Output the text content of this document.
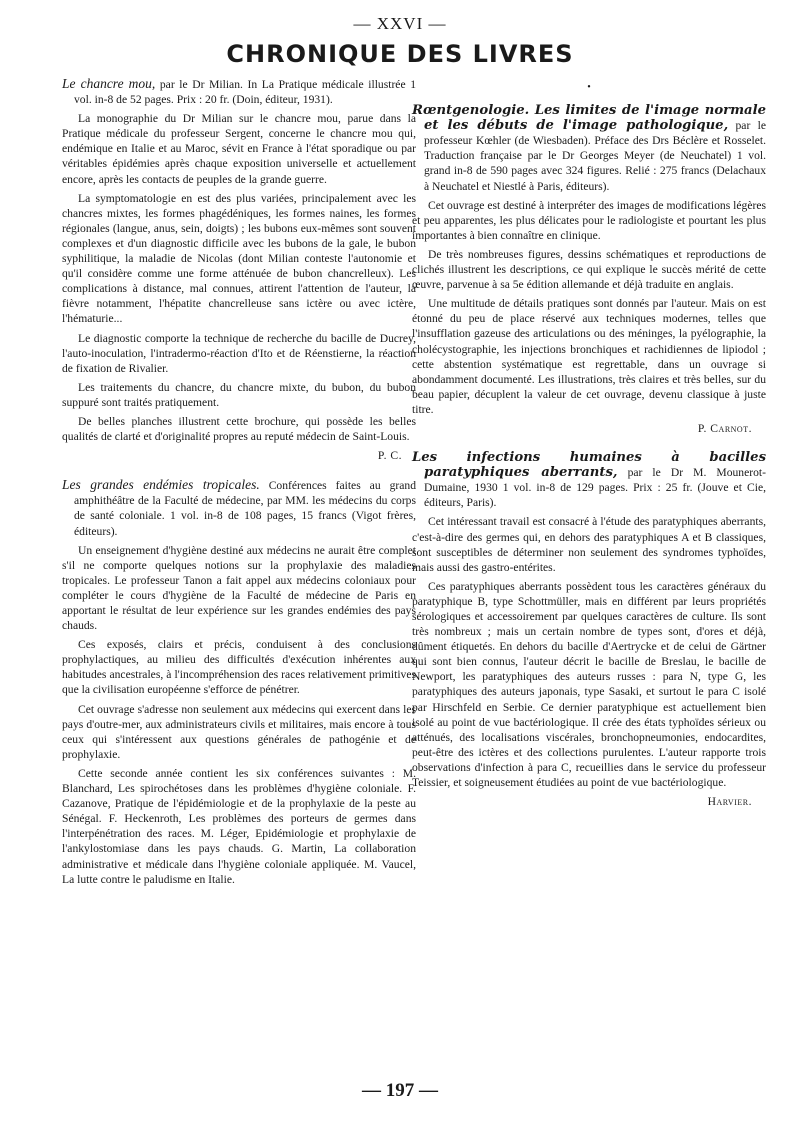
— XXVI —
CHRONIQUE DES LIVRES

Le chancre mou, par le Dr Milian. In La Pratique médicale illustrée 1 vol. in-8 de 52 pages. Prix : 20 fr. (Doin, éditeur, 1931).

La monographie du Dr Milian sur le chancre mou, parue dans la Pratique médicale du professeur Sergent, concerne le chancre mou qui, endémique en Italie et au Maroc, sévit en France à l'état sporadique ou par véritables épidémies après chaque exposition universelle et actuellement encore, après les contacts de peuples de la grande guerre.

La symptomatologie en est des plus variées, principalement avec les chancres mixtes, les formes phagédéniques, les formes naines, les formes régionales (langue, anus, sein, doigts) ; les bubons eux-mêmes sont souvent complexes et d'un diagnostic difficile avec les bubons de la gale, le bubon syphilitique, la maladie de Nicolas (dont Milian conteste l'autonomie et qu'il considère comme une forme atténuée de bubon chancrelleux). Les complications à distance, mal connues, attirent l'attention de l'auteur, la fièvre notamment, l'hépatite chancrelleuse sans ictère ou avec ictère, l'hématurie...

Le diagnostic comporte la technique de recherche du bacille de Ducrey, l'auto-inoculation, l'intradermo-réaction d'Ito et de Réenstierne, la réaction de fixation de Rivalier.

Les traitements du chancre, du chancre mixte, du bubon, du bubon suppuré sont traités pratiquement.

De belles planches illustrent cette brochure, qui possède les belles qualités de clarté et d'originalité propres au reputé médecin de Saint-Louis.

P. C.

Les grandes endémies tropicales. Conférences faites au grand amphithéâtre de la Faculté de médecine, par MM. les médecins du corps de santé coloniale. 1 vol. in-8 de 108 pages, 15 francs (Vigot frères, éditeurs).

Un enseignement d'hygiène destiné aux médecins ne aurait être complet s'il ne comporte quelques notions sur la prophylaxie des maladies tropicales. Le professeur Tanon a fait appel aux médecins coloniaux pour compléter le cours d'hygiène de la Faculté de médecine de Paris en apportant le résultat de leur expérience sur les grandes endémies des pays chauds.

Ces exposés, clairs et précis, conduisent à des conclusions prophylactiques, au milieu des difficultés d'exécution inhérentes aux habitudes ancestrales, à l'incompréhension des races relativement primitives que la civilisation européenne s'efforce de pénétrer.

Cet ouvrage s'adresse non seulement aux médecins qui exercent dans les pays d'outre-mer, aux administrateurs civils et militaires, mais encore à tous ceux qui s'intéressent aux questions générales de pathogénie et de prophylaxie.

Cette seconde année contient les six conférences suivantes : M. Blanchard, Les spirochétoses dans les problèmes d'hygiène coloniale. F. Cazanove, Pratique de l'épidémiologie et de la prophylaxie de la peste au Sénégal. F. Heckenroth, Les problèmes des porteurs de germes dans l'interpénétration des races. M. Léger, Epidémiologie et prophylaxie de l'ankylostomiase dans les pays chauds. G. Martin, La collaboration administrative et médicale dans l'hygiène coloniale appliquée. M. Vaucel, La lutte contre le paludisme en Italie.

•

Rœntgenologie. Les limites de l'image normale et les débuts de l'image pathologique, par le professeur Kœhler (de Wiesbaden). Préface des Drs Béclère et Rosselet. Traduction française par le Dr Georges Meyer (de Neuchatel) 1 vol. grand in-8 de 590 pages avec 324 figures. Relié : 275 francs (Delachaux à Neuchatel et Niestlé à Paris, éditeurs).

Cet ouvrage est destiné à interpréter des images de modifications légères et peu apparentes, les plus délicates pour le radiologiste et pourtant les plus importantes à bien connaître en clinique.

De très nombreuses figures, dessins schématiques et reproductions de clichés illustrent les descriptions, ce qui explique le succès mérité de cette œuvre, parvenue à sa 5e édition allemande et déjà traduite en anglais.

Une multitude de détails pratiques sont donnés par l'auteur. Mais on est étonné du peu de place réservé aux techniques modernes, telles que l'insufflation gazeuse des articulations ou des méninges, la pyélographie, la cholécystographie, les injections bronchiques et rachidiennes de lipiodol ; cette abstention systématique est regrettable, dans un ouvrage si abondamment documenté. Les illustrations, très claires et très belles, sur du beau papier, décuplent la valeur de cet ouvrage, devenu classique à juste titre.

P. Carnot.

Les infections humaines à bacilles paratyphiques aberrants, par le Dr M. Mounerot-Dumaine, 1930 1 vol. in-8 de 129 pages. Prix : 25 fr. (Jouve et Cie, éditeurs, Paris).

Cet intéressant travail est consacré à l'étude des paratyphiques aberrants, c'est-à-dire des germes qui, en dehors des paratyphiques A et B classiques, sont susceptibles de déterminer non seulement des syndromes typhoïdes, mais aussi des gastro-entérites.

Ces paratyphiques aberrants possèdent tous les caractères généraux du paratyphique B, type Schottmüller, mais en différent par leurs propriétés sérologiques et accessoirement par quelques caractères de culture. Ils sont très nombreux ; mais un certain nombre de types sont, d'ores et déjà, dûment étiquetés. En dehors du bacille d'Aertrycke et de celui de Gärtner qui sont bien connus, l'auteur décrit le bacille de Breslau, le bacille de Newport, les paratyphiques des auteurs russes : para N, type G, les paratyphiques des auteurs japonais, type Sasaki, et surtout le para C isolé par Hirschfeld en Serbie. Ce dernier paratyphique est actuellement bien isolé au point de vue bactériologique. Il crée des états typhoïdes sérieux ou atténués, des localisations viscérales, bronchopneumonies, endocardites, peut-être des ictères et des collections purulentes. L'auteur rapporte trois observations d'infection à para C, recueillies dans le service du professeur Teissier, et soigneusement étudiées au point de vue bactériologique.

Harvier.
— 197 —
